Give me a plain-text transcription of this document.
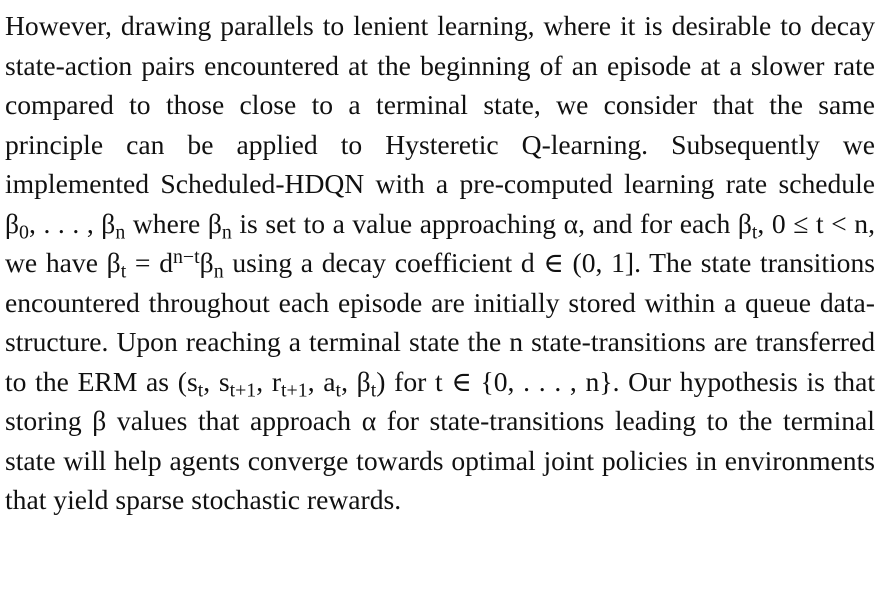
However, drawing parallels to lenient learning, where it is desirable to decay state-action pairs encountered at the beginning of an episode at a slower rate compared to those close to a terminal state, we consider that the same principle can be applied to Hysteretic Q-learning. Subsequently we implemented Scheduled-HDQN with a pre-computed learning rate schedule $\beta_0$, . . . , $\beta_n$ where $\beta_n$ is set to a value approaching α, and for each $\beta_t$, 0 ≤ t < n, we have $\beta_t = d^{n-t}\beta_n$ using a decay coefficient d ∈ (0, 1]. The state transitions encountered throughout each episode are initially stored within a queue data-structure. Upon reaching a terminal state the n state-transitions are transferred to the ERM as ($s_t$, $s_{t+1}$, $r_{t+1}$, $a_t$, $\beta_t$) for t ∈ {0, . . . , n}. Our hypothesis is that storing β values that approach α for state-transitions leading to the terminal state will help agents converge towards optimal joint policies in environments that yield sparse stochastic rewards.
